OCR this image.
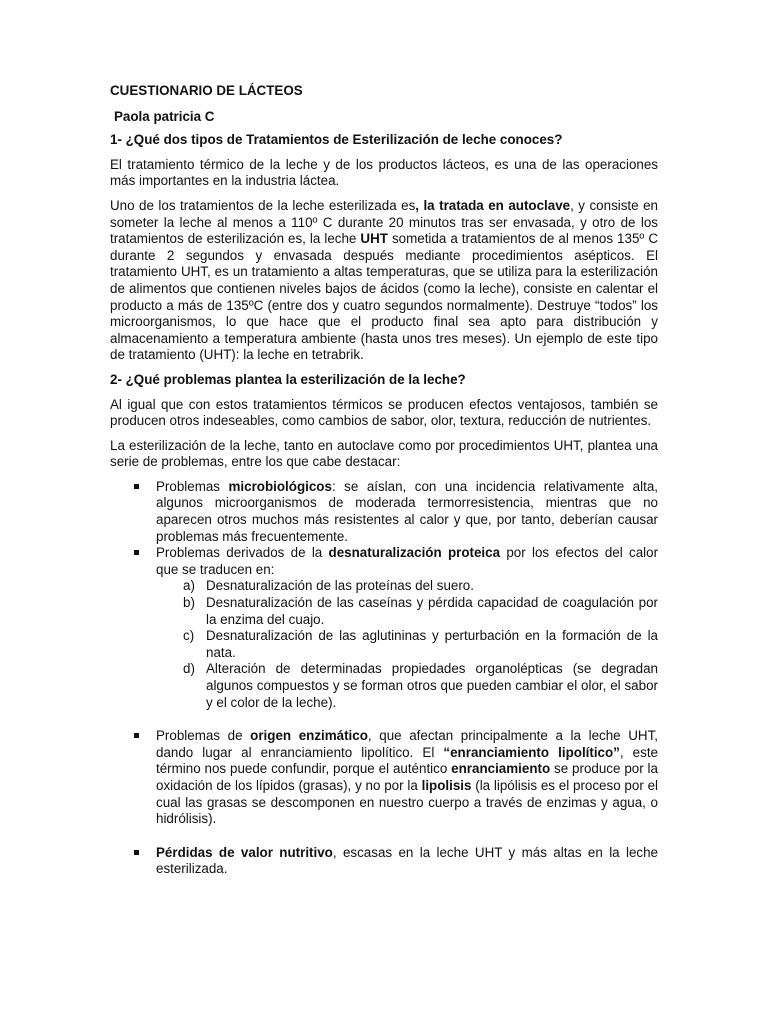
CUESTIONARIO DE LÁCTEOS

Paola patricia C

1- ¿Qué dos tipos de Tratamientos de Esterilización de leche conoces?

El tratamiento térmico de la leche y de los productos lácteos, es una de las operaciones más importantes en la industria láctea.

Uno de los tratamientos de la leche esterilizada es, la tratada en autoclave, y consiste en someter la leche al menos a 110º C durante 20 minutos tras ser envasada, y otro de los tratamientos de esterilización es, la leche UHT sometida a tratamientos de al menos 135º C durante 2 segundos y envasada después mediante procedimientos asépticos. El tratamiento UHT, es un tratamiento a altas temperaturas, que se utiliza para la esterilización de alimentos que contienen niveles bajos de ácidos (como la leche), consiste en calentar el producto a más de 135ºC (entre dos y cuatro segundos normalmente). Destruye “todos” los microorganismos, lo que hace que el producto final sea apto para distribución y almacenamiento a temperatura ambiente (hasta unos tres meses). Un ejemplo de este tipo de tratamiento (UHT): la leche en tetrabrik.

2- ¿Qué problemas plantea la esterilización de la leche?

Al igual que con estos tratamientos térmicos se producen efectos ventajosos, también se producen otros indeseables, como cambios de sabor, olor, textura, reducción de nutrientes.

La esterilización de la leche, tanto en autoclave como por procedimientos UHT, plantea una serie de problemas, entre los que cabe destacar:

Problemas microbiológicos: se aíslan, con una incidencia relativamente alta, algunos microorganismos de moderada termorresistencia, mientras que no aparecen otros muchos más resistentes al calor y que, por tanto, deberían causar problemas más frecuentemente.
Problemas derivados de la desnaturalización proteica por los efectos del calor que se traducen en:
a) Desnaturalización de las proteínas del suero.
b) Desnaturalización de las caseínas y pérdida capacidad de coagulación por la enzima del cuajo.
c) Desnaturalización de las aglutininas y perturbación en la formación de la nata.
d) Alteración de determinadas propiedades organolépticas (se degradan algunos compuestos y se forman otros que pueden cambiar el olor, el sabor y el color de la leche).
Problemas de origen enzimático, que afectan principalmente a la leche UHT, dando lugar al enranciamiento lipolítico. El “enranciamiento lipolítico”, este término nos puede confundir, porque el auténtico enranciamiento se produce por la oxidación de los lípidos (grasas), y no por la lipolisis (la lipólisis es el proceso por el cual las grasas se descomponen en nuestro cuerpo a través de enzimas y agua, o hidrólisis).
Pérdidas de valor nutritivo, escasas en la leche UHT y más altas en la leche esterilizada.
